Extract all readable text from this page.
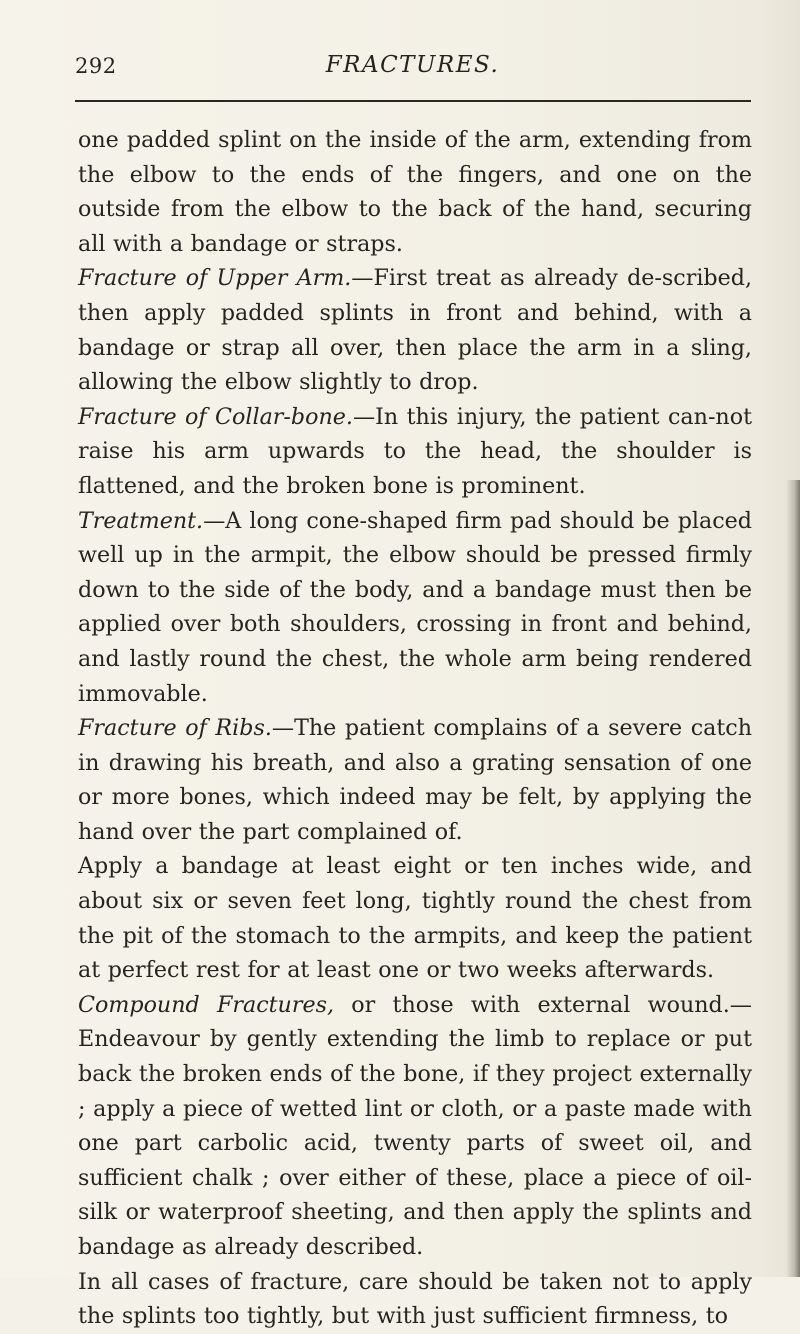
292	FRACTURES.

one padded splint on the inside of the arm, extending from the elbow to the ends of the fingers, and one on the outside from the elbow to the back of the hand, securing all with a bandage or straps.

Fracture of Upper Arm.—First treat as already de-scribed, then apply padded splints in front and behind, with a bandage or strap all over, then place the arm in a sling, allowing the elbow slightly to drop.

Fracture of Collar-bone.—In this injury, the patient can-not raise his arm upwards to the head, the shoulder is flattened, and the broken bone is prominent.

Treatment.—A long cone-shaped firm pad should be placed well up in the armpit, the elbow should be pressed firmly down to the side of the body, and a bandage must then be applied over both shoulders, crossing in front and behind, and lastly round the chest, the whole arm being rendered immovable.

Fracture of Ribs.—The patient complains of a severe catch in drawing his breath, and also a grating sensation of one or more bones, which indeed may be felt, by applying the hand over the part complained of.

Apply a bandage at least eight or ten inches wide, and about six or seven feet long, tightly round the chest from the pit of the stomach to the armpits, and keep the patient at perfect rest for at least one or two weeks afterwards.

Compound Fractures, or those with external wound.—Endeavour by gently extending the limb to replace or put back the broken ends of the bone, if they project externally ; apply a piece of wetted lint or cloth, or a paste made with one part carbolic acid, twenty parts of sweet oil, and sufficient chalk ; over either of these, place a piece of oil-silk or waterproof sheeting, and then apply the splints and bandage as already described.

In all cases of fracture, care should be taken not to apply the splints too tightly, but with just sufficient firmness, to
